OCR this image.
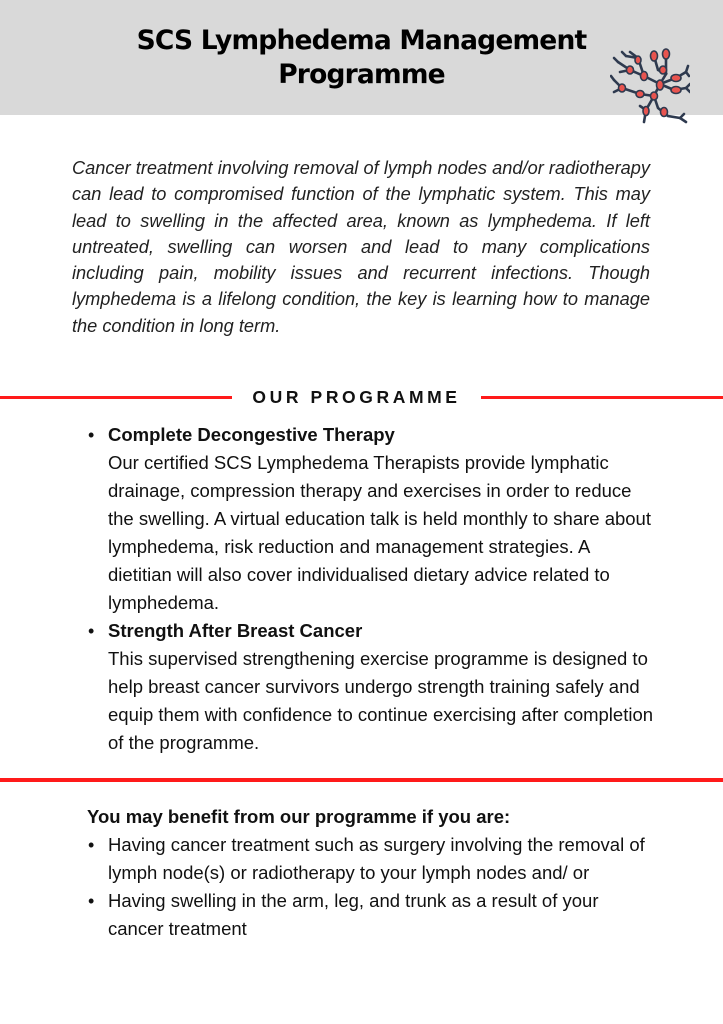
SCS Lymphedema Management
Programme

Cancer treatment involving removal of lymph nodes and/or radiotherapy can lead to compromised function of the lymphatic system. This may lead to swelling in the affected area, known as lymphedema. If left untreated, swelling can worsen and lead to many complications including pain, mobility issues and recurrent infections. Though lymphedema is a lifelong condition, the key is learning how to manage the condition in long term.

OUR PROGRAMME
• Complete Decongestive Therapy
Our certified SCS Lymphedema Therapists provide lymphatic drainage, compression therapy and exercises in order to reduce the swelling. A virtual education talk is held monthly to share about lymphedema, risk reduction and management strategies. A dietitian will also cover individualised dietary advice related to lymphedema.
• Strength After Breast Cancer
This supervised strengthening exercise programme is designed to help breast cancer survivors undergo strength training safely and equip them with confidence to continue exercising after completion of the programme.
You may benefit from our programme if you are:
• Having cancer treatment such as surgery involving the removal of lymph node(s) or radiotherapy to your lymph nodes and/ or
• Having swelling in the arm, leg, and trunk as a result of your cancer treatment
